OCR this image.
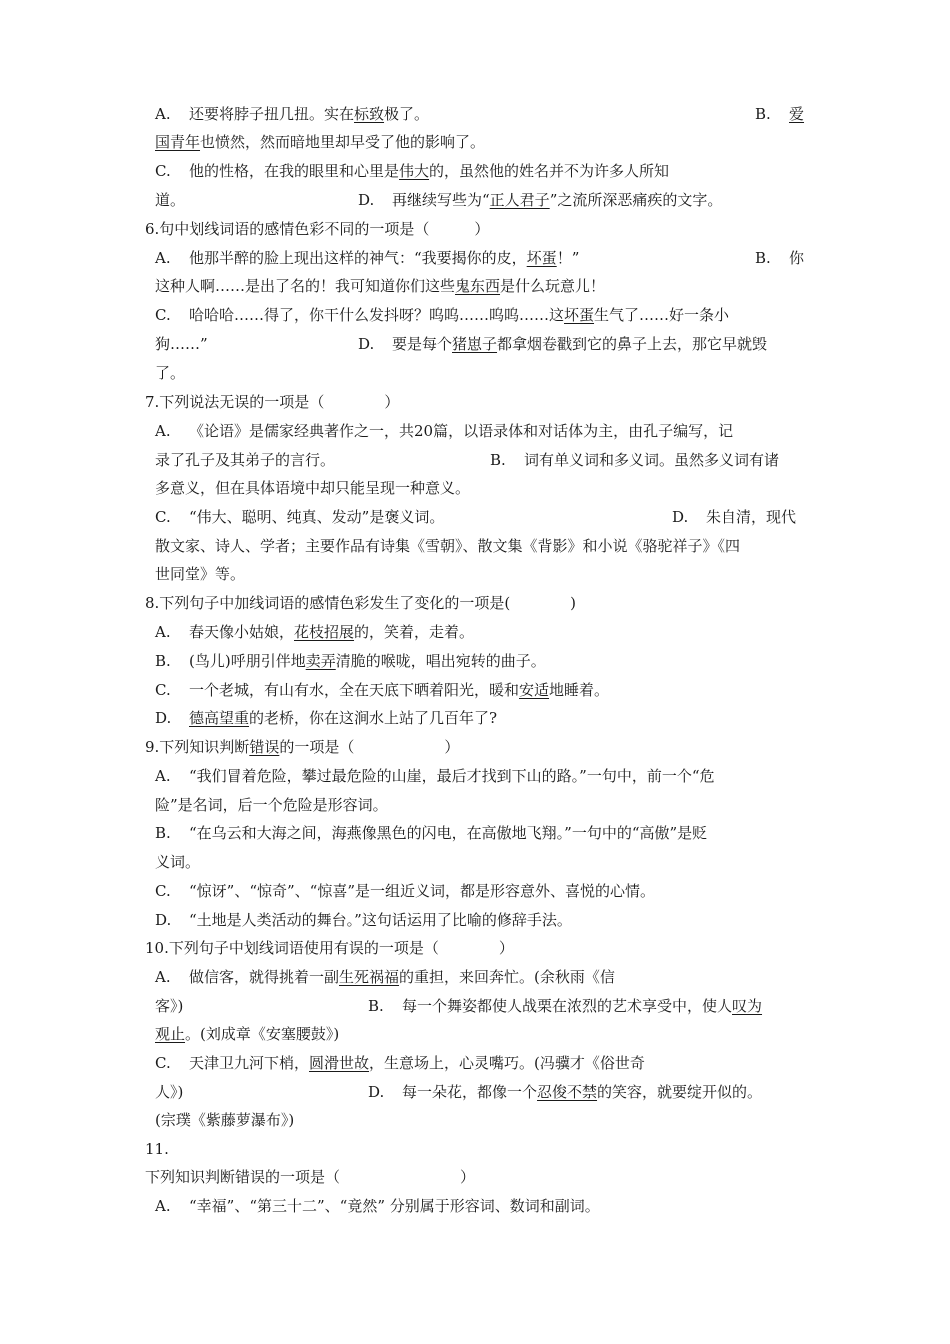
A. 还要将脖子扭几扭。实在标致极了。	B. 爱
国青年也愤然，然而暗地里却早受了他的影响了。
C. 他的性格，在我的眼里和心里是伟大的，虽然他的姓名并不为许多人所知
道。	D. 再继续写些为“正人君子”之流所深恶痛疾的文字。
6.句中划线词语的感情色彩不同的一项是（　　　）
A. 他那半醉的脸上现出这样的神气：“我要揭你的皮，坏蛋！”	B. 你
这种人啊……是出了名的！我可知道你们这些鬼东西是什么玩意儿！
C. 哈哈哈……得了，你干什么发抖呀？呜呜……呜呜……这坏蛋生气了……好一条小
狗……”	D. 要是每个猪崽子都拿烟卷戳到它的鼻子上去，那它早就毁
了。
7.下列说法无误的一项是（　　　　）
A. 《论语》是儒家经典著作之一，共20篇，以语录体和对话体为主，由孔子编写，记
录了孔子及其弟子的言行。	B. 词有单义词和多义词。虽然多义词有诸
多意义，但在具体语境中却只能呈现一种意义。
C. “伟大、聪明、纯真、发动”是褒义词。	D. 朱自清，现代
散文家、诗人、学者；主要作品有诗集《雪朝》、散文集《背影》和小说《骆驼祥子》《四
世同堂》等。
8.下列句子中加线词语的感情色彩发生了变化的一项是(　　　　)
A. 春天像小姑娘，花枝招展的，笑着，走着。
B. (鸟儿)呼朋引伴地卖弄清脆的喉咙，唱出宛转的曲子。
C. 一个老城，有山有水，全在天底下晒着阳光，暖和安适地睡着。
D. 德高望重的老桥，你在这涧水上站了几百年了?
9.下列知识判断错误的一项是（　　　　　　）
A. “我们冒着危险，攀过最危险的山崖，最后才找到下山的路。”一句中，前一个“危
险”是名词，后一个危险是形容词。
B. “在乌云和大海之间，海燕像黑色的闪电，在高傲地飞翔。”一句中的“高傲”是贬
义词。
C. “惊讶”、“惊奇”、“惊喜”是一组近义词，都是形容意外、喜悦的心情。
D. “土地是人类活动的舞台。”这句话运用了比喻的修辞手法。
10.下列句子中划线词语使用有误的一项是（　　　　）
A. 做信客，就得挑着一副生死祸福的重担，来回奔忙。(余秋雨《信
客》)	B. 每一个舞姿都使人战栗在浓烈的艺术享受中，使人叹为
观止。(刘成章《安塞腰鼓》)
C. 天津卫九河下梢，圆滑世故，生意场上，心灵嘴巧。(冯骥才《俗世奇
人》)	D. 每一朵花，都像一个忍俊不禁的笑容，就要绽开似的。
(宗璞《紫藤萝瀑布》)
11.
下列知识判断错误的一项是（　　　　　　　　）
A. “幸福”、“第三十二”、“竟然” 分别属于形容词、数词和副词。
